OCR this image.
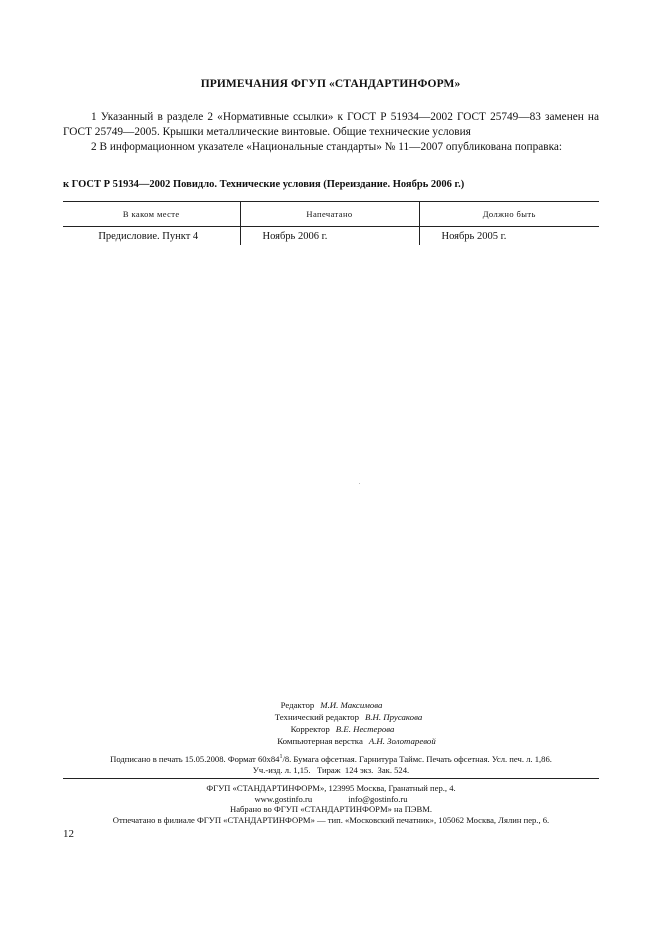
ПРИМЕЧАНИЯ ФГУП «СТАНДАРТИНФОРМ»

1 Указанный в разделе 2 «Нормативные ссылки» к ГОСТ Р 51934—2002 ГОСТ 25749—83 заменен на ГОСТ 25749—2005. Крышки металлические винтовые. Общие технические условия

2 В информационном указателе «Национальные стандарты» № 11—2007 опубликована поправка:

к ГОСТ Р 51934—2002 Повидло. Технические условия (Переиздание. Ноябрь 2006 г.)
В каком месте	Напечатано	Должно быть
Предисловие. Пункт 4	Ноябрь 2006 г.	Ноябрь 2005 г.
Редактор М.И. Максимова
Технический редактор В.Н. Прусакова
Корректор В.Е. Нестерова
Компьютерная верстка А.Н. Золотаревой
Подписано в печать 15.05.2008. Формат $60x84^1/8$. Бумага офсетная. Гарнитура Таймс. Печать офсетная. Усл. печ. л. 1,86.
Уч.-изд. л. 1,15.   Тираж  124 экз.  Зак. 524.
ФГУП «СТАНДАРТИНФОРМ», 123995 Москва, Гранатный пер., 4.
www.gostinfo.ru	info@gostinfo.ru
Набрано во ФГУП «СТАНДАРТИНФОРМ» на ПЭВМ.
Отпечатано в филиале ФГУП «СТАНДАРТИНФОРМ» — тип. «Московский печатник», 105062 Москва, Лялин пер., 6.
12
